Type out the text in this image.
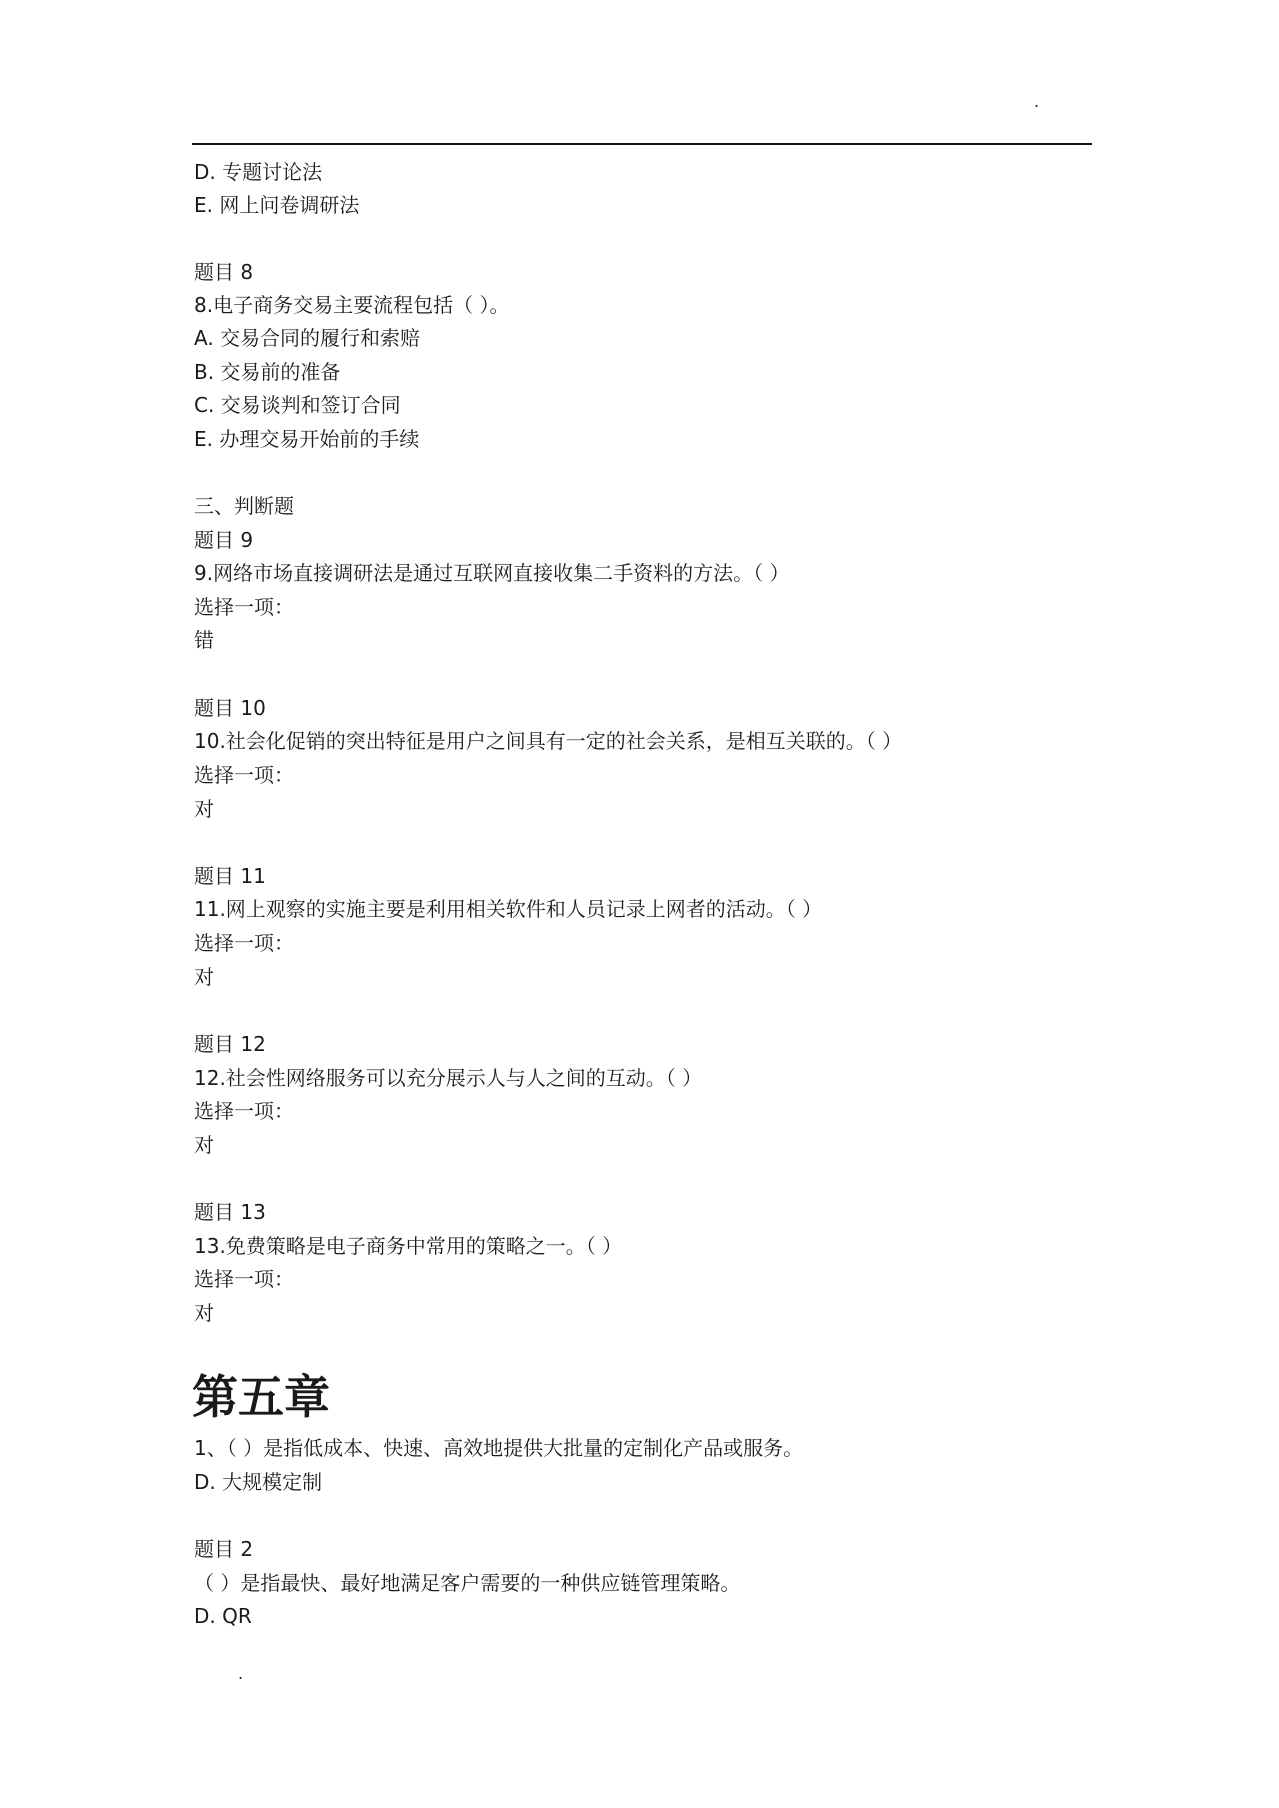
.
D. 专题讨论法
E. 网上问卷调研法
题目 8
8.电子商务交易主要流程包括（ ）。
A. 交易合同的履行和索赔
B. 交易前的准备
C. 交易谈判和签订合同
E. 办理交易开始前的手续
三、判断题
题目 9
9.网络市场直接调研法是通过互联网直接收集二手资料的方法。（ ）
选择一项：
错
题目 10
10.社会化促销的突出特征是用户之间具有一定的社会关系，是相互关联的。（ ）
选择一项：
对
题目 11
11.网上观察的实施主要是利用相关软件和人员记录上网者的活动。（ ）
选择一项：
对
题目 12
12.社会性网络服务可以充分展示人与人之间的互动。（ ）
选择一项：
对
题目 13
13.免费策略是电子商务中常用的策略之一。（ ）
选择一项：
对
第五章
1、（ ）是指低成本、快速、高效地提供大批量的定制化产品或服务。
D. 大规模定制
题目 2
（ ）是指最快、最好地满足客户需要的一种供应链管理策略。
D. QR
.
